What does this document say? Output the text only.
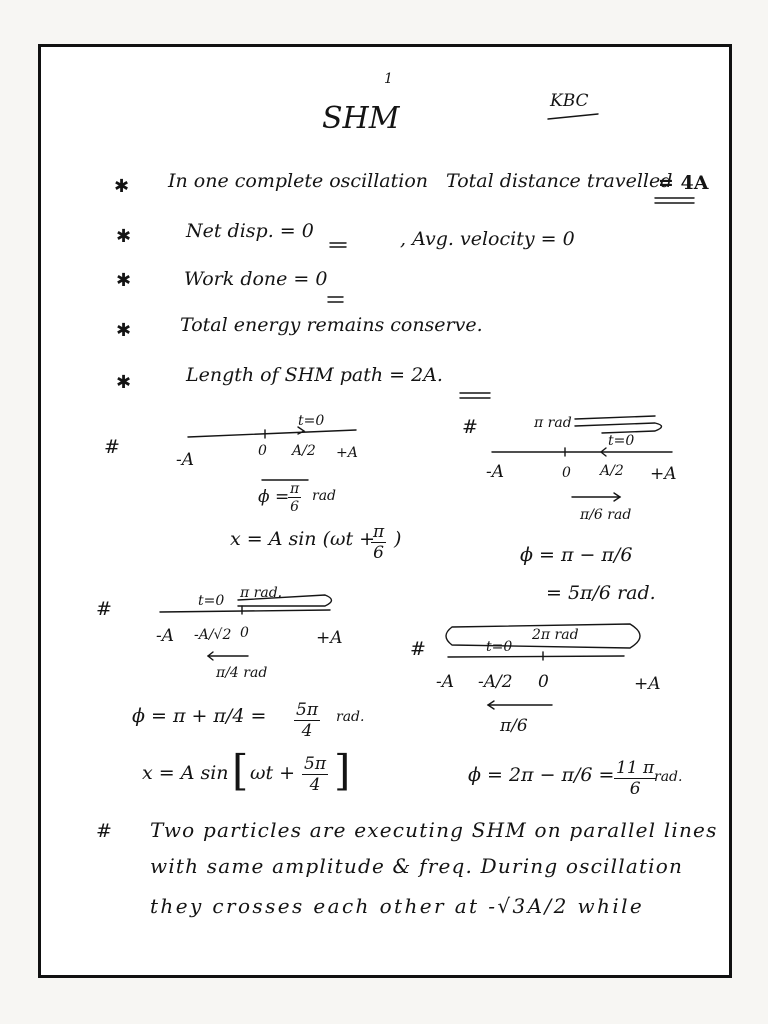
1
KBC
SHM
✱ In one complete oscillation Total distance travelled
= 4A
✱	Net disp. = 0	, Avg. velocity = 0
✱	Work done = 0
✱	Total energy remains conserve.
✱	Length of SHM path = 2A.
#
t=0
-A	0 A/2 +A
ϕ =
$\frac{\pi}{6}$ rad
x = A sin (ωt +
$\frac{\pi}{6}$ )
#	π rad
t=0
-A	0 A/2 +A
π/6 rad
ϕ = π − π/6
= 5π/6 rad.
#	t=0 π rad.
-A -A/√2 0	+A
π/4 rad
$\phi = \pi + \pi/4 = \frac{5\pi}{4}$ rad.
x = A sin [ $\omega t + \frac{5\pi}{4}$ ]
#
2π rad
t=0
-A -A/2 0	+A
π/6
$\phi = 2\pi - \pi/6 = \frac{11 \pi}{6}$
rad.
# Two particles are executing SHM on parallel lines
with same amplitude & freq. During oscillation
they crosses each other at -√3A/2 while
